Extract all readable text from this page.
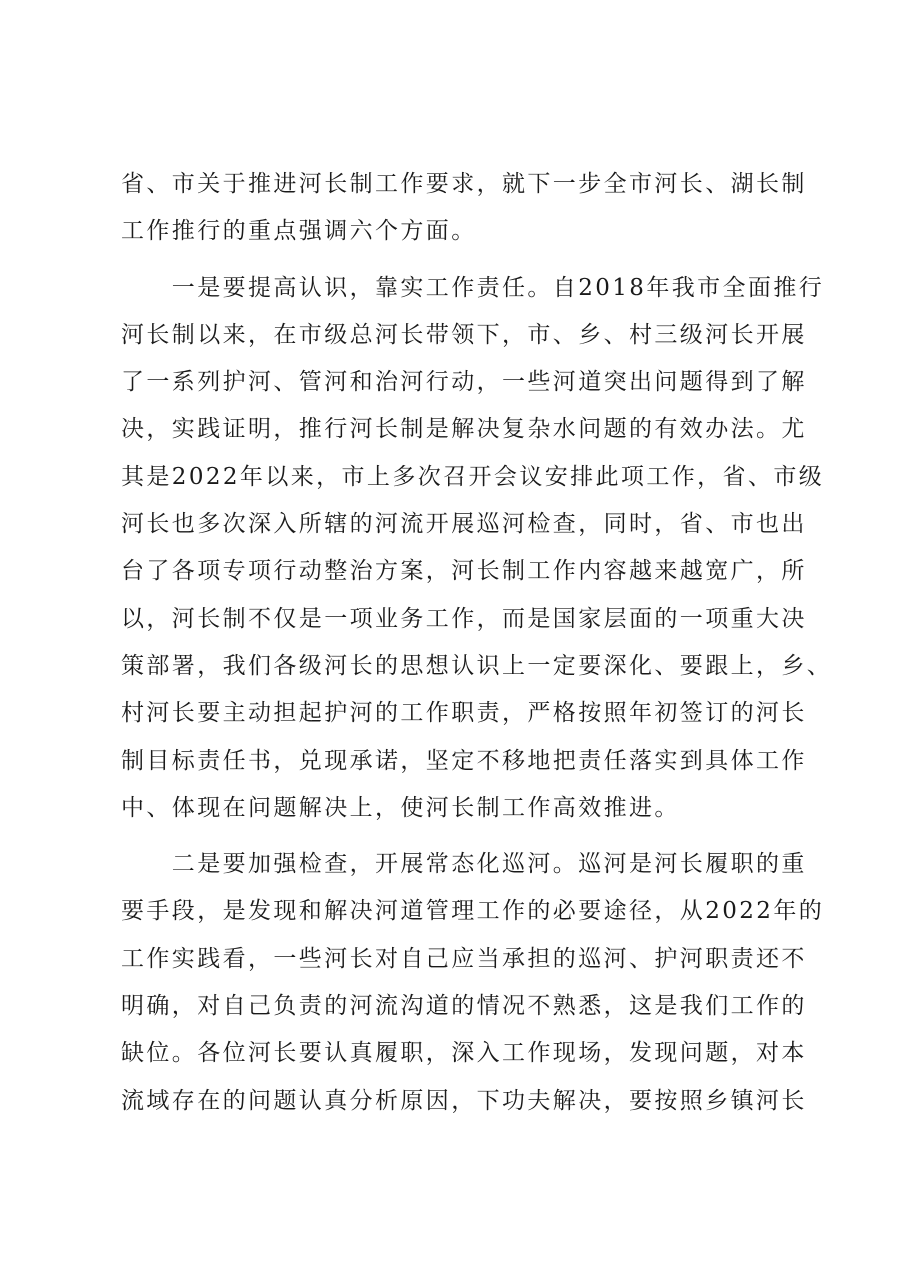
省、市关于推进河长制工作要求，就下一步全市河长、湖长制
工作推行的重点强调六个方面。
　　一是要提高认识，靠实工作责任。自2018年我市全面推行
河长制以来，在市级总河长带领下，市、乡、村三级河长开展
了一系列护河、管河和治河行动，一些河道突出问题得到了解
决，实践证明，推行河长制是解决复杂水问题的有效办法。尤
其是2022年以来，市上多次召开会议安排此项工作，省、市级
河长也多次深入所辖的河流开展巡河检查，同时，省、市也出
台了各项专项行动整治方案，河长制工作内容越来越宽广，所
以，河长制不仅是一项业务工作，而是国家层面的一项重大决
策部署，我们各级河长的思想认识上一定要深化、要跟上，乡、
村河长要主动担起护河的工作职责，严格按照年初签订的河长
制目标责任书，兑现承诺，坚定不移地把责任落实到具体工作
中、体现在问题解决上，使河长制工作高效推进。
　　二是要加强检查，开展常态化巡河。巡河是河长履职的重
要手段，是发现和解决河道管理工作的必要途径，从2022年的
工作实践看，一些河长对自己应当承担的巡河、护河职责还不
明确，对自己负责的河流沟道的情况不熟悉，这是我们工作的
缺位。各位河长要认真履职，深入工作现场，发现问题，对本
流域存在的问题认真分析原因，下功夫解决，要按照乡镇河长
